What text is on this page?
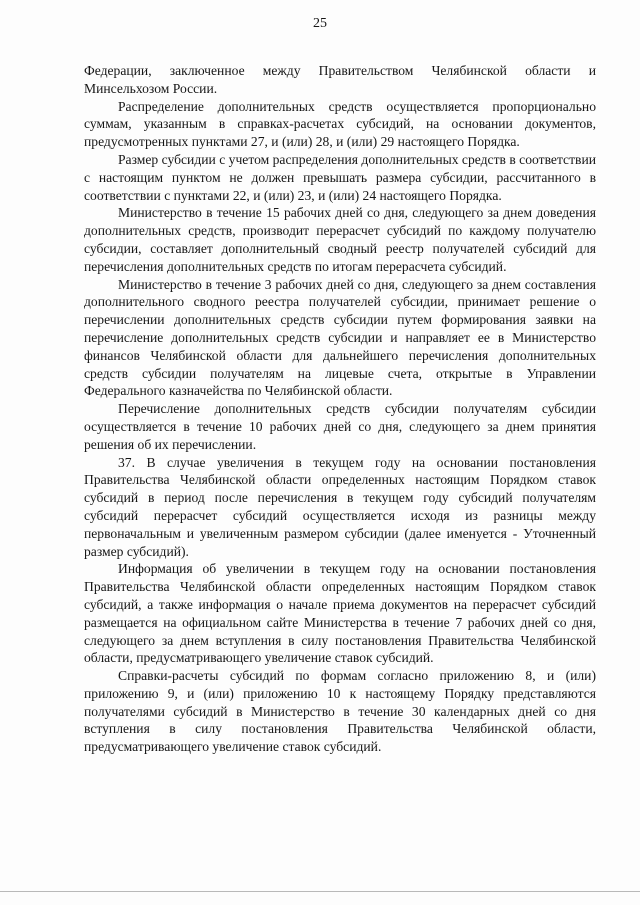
25

Федерации, заключенное между Правительством Челябинской области и Минсельхозом России.

Распределение дополнительных средств осуществляется пропорционально суммам, указанным в справках-расчетах субсидий, на основании документов, предусмотренных пунктами 27, и (или) 28, и (или) 29 настоящего Порядка.

Размер субсидии с учетом распределения дополнительных средств в соответствии с настоящим пунктом не должен превышать размера субсидии, рассчитанного в соответствии с пунктами 22, и (или) 23, и (или) 24 настоящего Порядка.

Министерство в течение 15 рабочих дней со дня, следующего за днем доведения дополнительных средств, производит перерасчет субсидий по каждому получателю субсидии, составляет дополнительный сводный реестр получателей субсидий для перечисления дополнительных средств по итогам перерасчета субсидий.

Министерство в течение 3 рабочих дней со дня, следующего за днем составления дополнительного сводного реестра получателей субсидии, принимает решение о перечислении дополнительных средств субсидии путем формирования заявки на перечисление дополнительных средств субсидии и направляет ее в Министерство финансов Челябинской области для дальнейшего перечисления дополнительных средств субсидии получателям на лицевые счета, открытые в Управлении Федерального казначейства по Челябинской области.

Перечисление дополнительных средств субсидии получателям субсидии осуществляется в течение 10 рабочих дней со дня, следующего за днем принятия решения об их перечислении.

37. В случае увеличения в текущем году на основании постановления Правительства Челябинской области определенных настоящим Порядком ставок субсидий в период после перечисления в текущем году субсидий получателям субсидий перерасчет субсидий осуществляется исходя из разницы между первоначальным и увеличенным размером субсидии (далее именуется - Уточненный размер субсидий).

Информация об увеличении в текущем году на основании постановления Правительства Челябинской области определенных настоящим Порядком ставок субсидий, а также информация о начале приема документов на перерасчет субсидий размещается на официальном сайте Министерства в течение 7 рабочих дней со дня, следующего за днем вступления в силу постановления Правительства Челябинской области, предусматривающего увеличение ставок субсидий.

Справки-расчеты субсидий по формам согласно приложению 8, и (или) приложению 9, и (или) приложению 10 к настоящему Порядку представляются получателями субсидий в Министерство в течение 30 календарных дней со дня вступления в силу постановления Правительства Челябинской области, предусматривающего увеличение ставок субсидий.
